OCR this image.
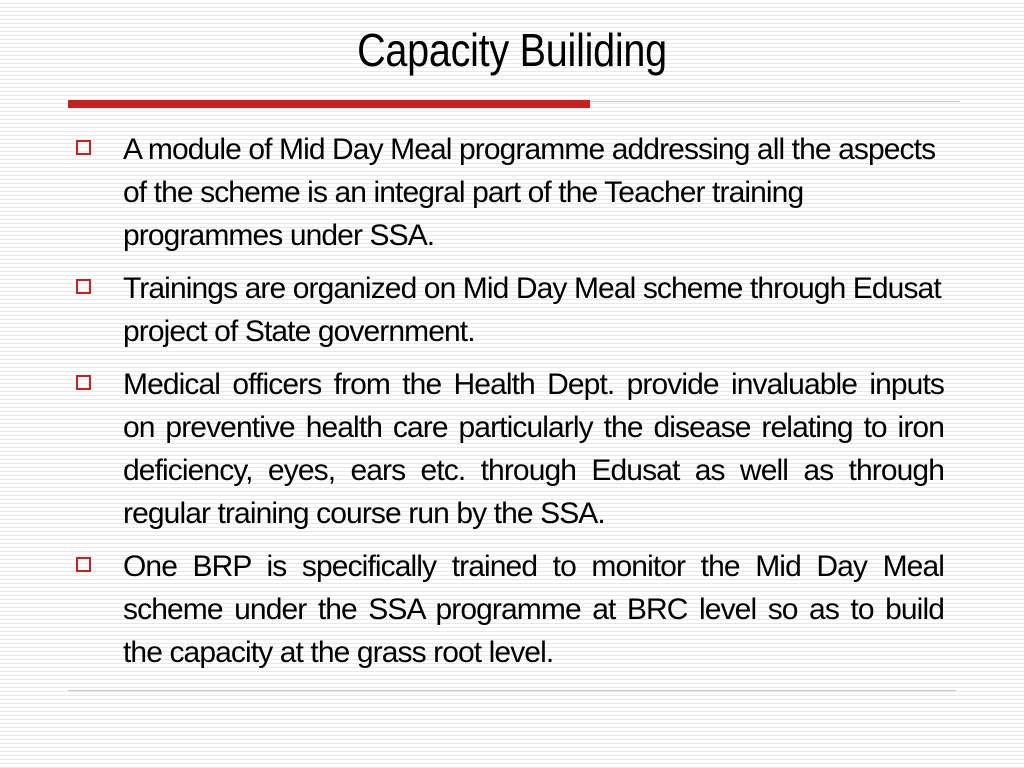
Capacity Builiding
A module of Mid Day Meal programme addressing all the aspects of the scheme is an integral part of the Teacher training programmes under SSA.
Trainings are organized on Mid Day Meal scheme through Edusat project of State government.
Medical officers from the Health Dept. provide invaluable inputs on preventive health care particularly the disease relating to iron deficiency, eyes, ears etc. through Edusat as well as through regular training course run by the SSA.
One BRP is specifically trained to monitor the Mid Day Meal scheme under the SSA programme at BRC level so as to build the capacity at the grass root level.
